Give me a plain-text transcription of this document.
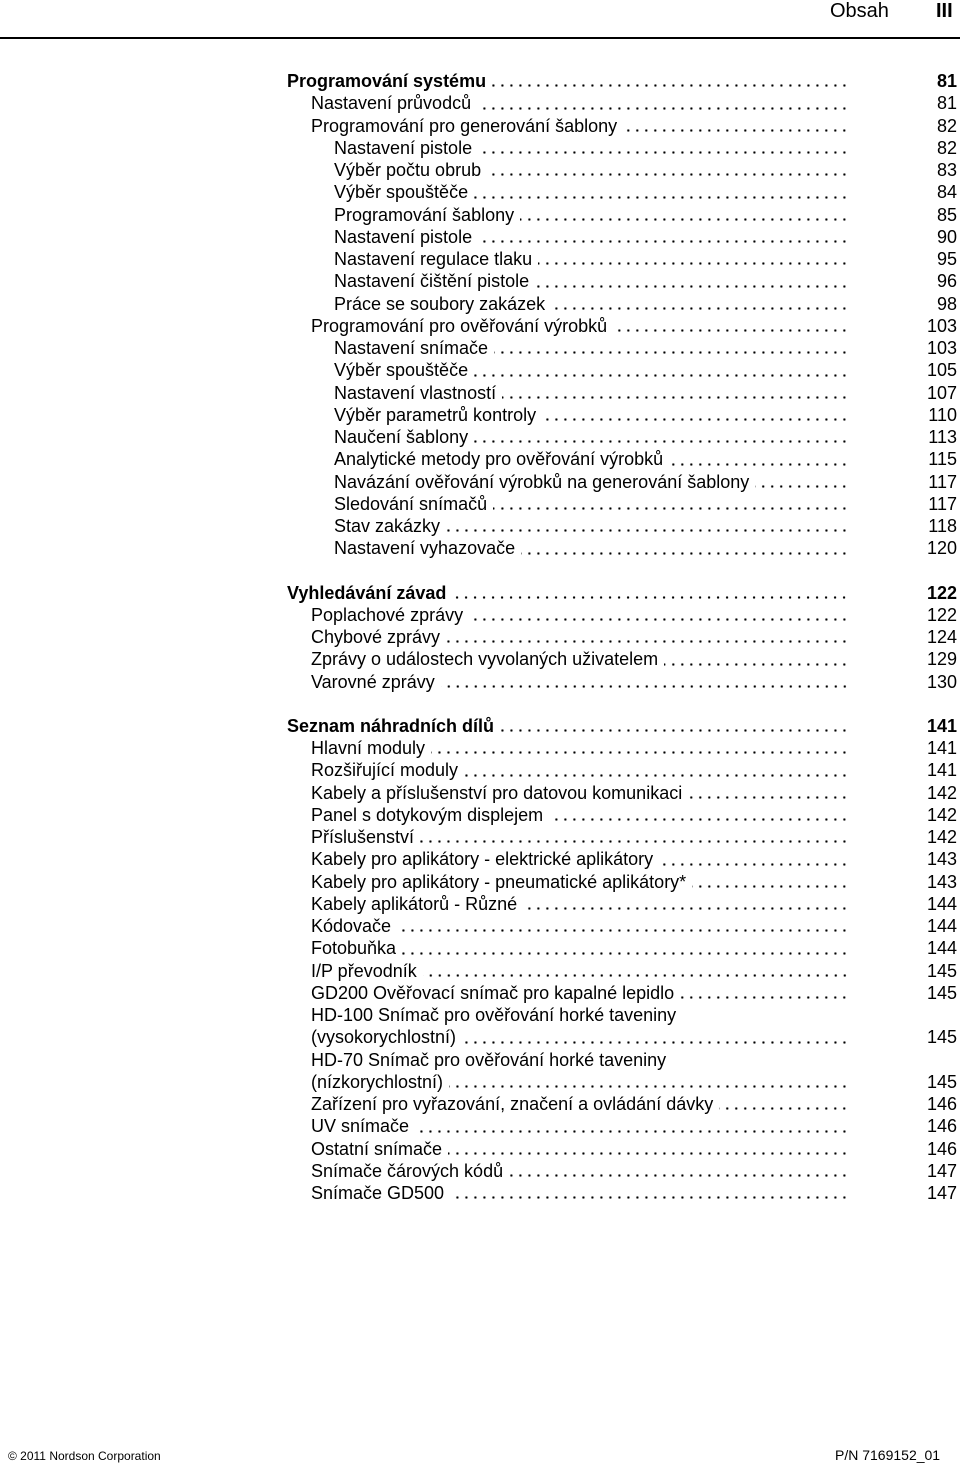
Obsah III
Programování systému	81
Nastavení průvodců	81
Programování pro generování šablony	82
Nastavení pistole	82
Výběr počtu obrub	83
Výběr spouštěče	84
Programování šablony	85
Nastavení pistole	90
Nastavení regulace tlaku	95
Nastavení čištění pistole	96
Práce se soubory zakázek	98
Programování pro ověřování výrobků	103
Nastavení snímače	103
Výběr spouštěče	105
Nastavení vlastností	107
Výběr parametrů kontroly	110
Naučení šablony	113
Analytické metody pro ověřování výrobků	115
Navázání ověřování výrobků na generování šablony	117
Sledování snímačů	117
Stav zakázky	118
Nastavení vyhazovače	120
Vyhledávání závad	122
Poplachové zprávy	122
Chybové zprávy	124
Zprávy o událostech vyvolaných uživatelem	129
Varovné zprávy	130
Seznam náhradních dílů	141
Hlavní moduly	141
Rozšiřující moduly	141
Kabely a příslušenství pro datovou komunikaci	142
Panel s dotykovým displejem	142
Příslušenství	142
Kabely pro aplikátory - elektrické aplikátory	143
Kabely pro aplikátory - pneumatické aplikátory*	143
Kabely aplikátorů - Různé	144
Kódovače	144
Fotobuňka	144
I/P převodník	145
GD200 Ověřovací snímač pro kapalné lepidlo	145
HD-100 Snímač pro ověřování horké taveniny
(vysokorychlostní)	145
HD-70 Snímač pro ověřování horké taveniny
(nízkorychlostní)	145
Zařízení pro vyřazování, značení a ovládání dávky	146
UV snímače	146
Ostatní snímače	146
Snímače čárových kódů	147
Snímače GD500	147
© 2011 Nordson Corporation	P/N 7169152_01
